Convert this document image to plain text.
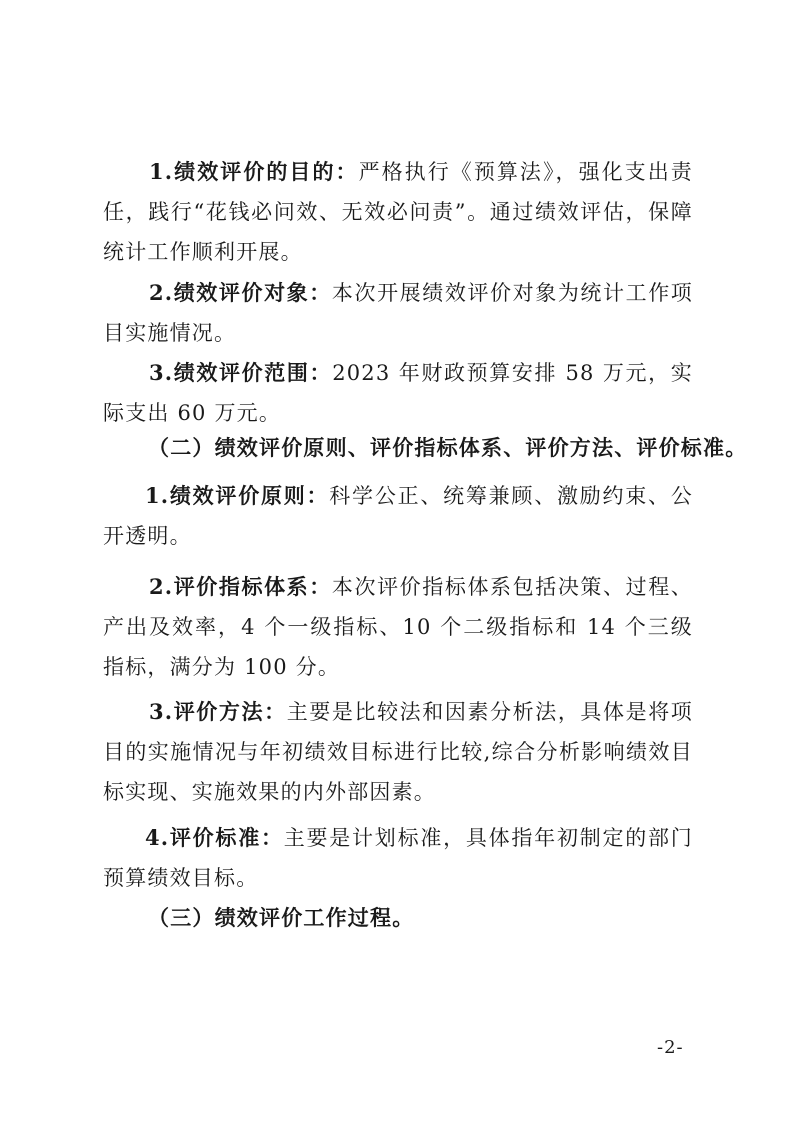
1.绩效评价的目的：严格执行《预算法》，强化支出责任，践行“花钱必问效、无效必问责”。通过绩效评估，保障统计工作顺利开展。

2.绩效评价对象：本次开展绩效评价对象为统计工作项目实施情况。

3.绩效评价范围：2023 年财政预算安排 58 万元，实际支出 60 万元。

（二）绩效评价原则、评价指标体系、评价方法、评价标准。

1.绩效评价原则：科学公正、统筹兼顾、激励约束、公开透明。

2.评价指标体系：本次评价指标体系包括决策、过程、产出及效率，4 个一级指标、10 个二级指标和 14 个三级指标，满分为 100 分。

3.评价方法：主要是比较法和因素分析法，具体是将项目的实施情况与年初绩效目标进行比较,综合分析影响绩效目标实现、实施效果的内外部因素。

4.评价标准：主要是计划标准，具体指年初制定的部门预算绩效目标。

（三）绩效评价工作过程。

-2-
